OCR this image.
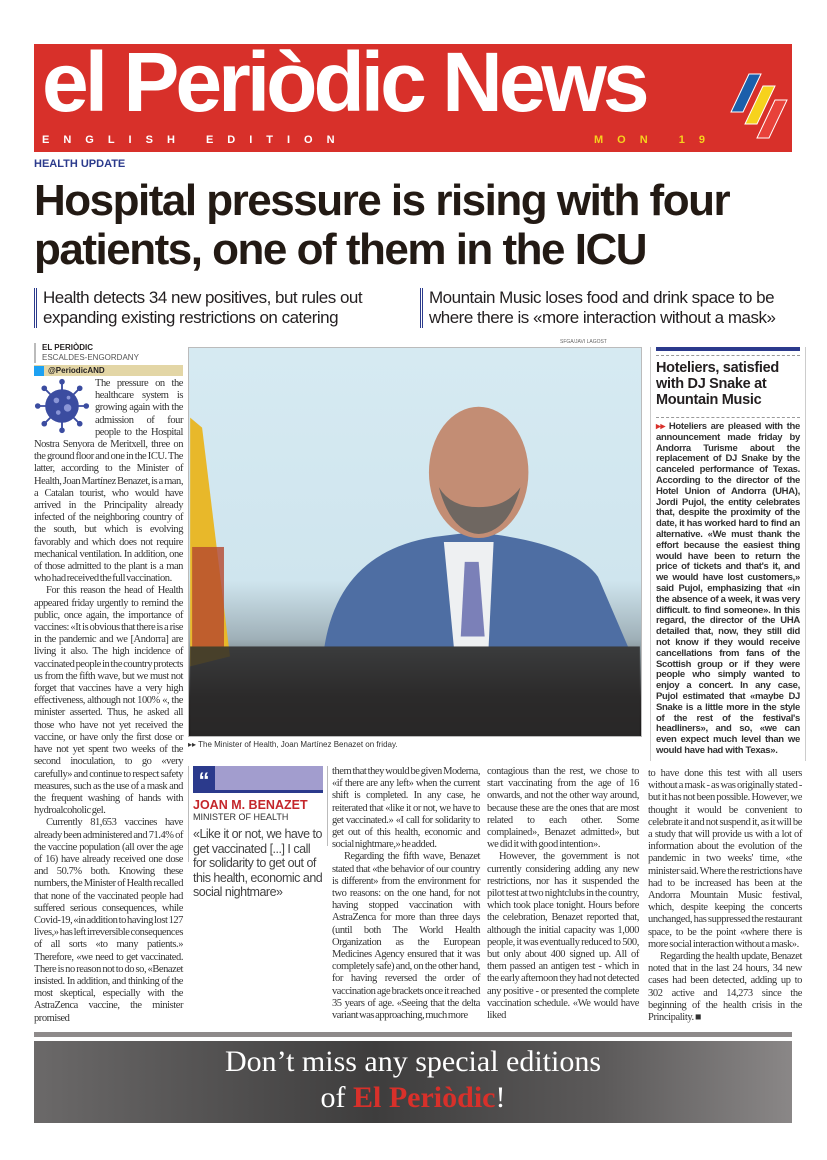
el Periòdic News
ENGLISH EDITION	MON 19
HEALTH UPDATE
Hospital pressure is rising with four patients, one of them in the ICU
Health detects 34 new positives, but rules out expanding existing restrictions on catering
Mountain Music loses food and drink space to be where there is «more interaction without a mask»
EL PERIÒDIC
ESCALDES-ENGORDANY
@PeriodicAND

The pressure on the healthcare system is growing again with the admission of four people to the Hospital Nostra Senyora de Meritxell, three on the ground floor and one in the ICU. The latter, according to the Minister of Health, Joan Martínez Benazet, is a man, a Catalan tourist, who would have arrived in the Principality already infected of the neighboring country of the south, but which is evolving favorably and which does not require mechanical ventilation. In addition, one of those admitted to the plant is a man who had received the full vaccination.

For this reason the head of Health appeared friday urgently to remind the public, once again, the importance of vaccines: «It is obvious that there is a rise in the pandemic and we [Andorra] are living it also. The high incidence of vaccinated people in the country protects us from the fifth wave, but we must not forget that vaccines have a very high effectiveness, although not 100% «, the minister asserted. Thus, he asked all those who have not yet received the vaccine, or have only the first dose or have not yet spent two weeks of the second inoculation, to go «very carefully» and continue to respect safety measures, such as the use of a mask and the frequent washing of hands with hydroalcoholic gel.

Currently 81,653 vaccines have already been administered and 71.4% of the vaccine population (all over the age of 16) have already received one dose and 50.7% both. Knowing these numbers, the Minister of Health recalled that none of the vaccinated people had suffered serious consequences, while Covid-19, «in addition to having lost 127 lives,» has left irreversible consequences of all sorts «to many patients.» Therefore, «we need to get vaccinated. There is no reason not to do so, «Benazet insisted. In addition, and thinking of the most skeptical, especially with the AstraZenca vaccine, the minister promised

SFGA/JAVI LAGOST
▸▸ The Minister of Health, Joan Martínez Benazet on friday.
“
JOAN M. BENAZET
MINISTER OF HEALTH
«Like it or not, we have to get vaccinated [...] I call for solidarity to get out of this health, economic and social nightmare»

them that they would be given Moderna, «if there are any left» when the current shift is completed. In any case, he reiterated that «like it or not, we have to get vaccinated.» «I call for solidarity to get out of this health, economic and social nightmare,» he added.

Regarding the fifth wave, Benazet stated that «the behavior of our country is different» from the environment for two reasons: on the one hand, for not having stopped vaccination with AstraZenca for more than three days (until both The World Health Organization as the European Medicines Agency ensured that it was completely safe) and, on the other hand, for having reversed the order of vaccination age brackets once it reached 35 years of age. «Seeing that the delta variant was approaching, much more

contagious than the rest, we chose to start vaccinating from the age of 16 onwards, and not the other way around, because these are the ones that are most related to each other. Some complained», Benazet admitted», but we did it with good intention».

However, the government is not currently considering adding any new restrictions, nor has it suspended the pilot test at two nightclubs in the country, which took place tonight. Hours before the celebration, Benazet reported that, although the initial capacity was 1,000 people, it was eventually reduced to 500, but only about 400 signed up. All of them passed an antigen test - which in the early afternoon they had not detected any positive - or presented the complete vaccination schedule. «We would have liked

to have done this test with all users without a mask - as was originally stated - but it has not been possible. However, we thought it would be convenient to celebrate it and not suspend it, as it will be a study that will provide us with a lot of information about the evolution of the pandemic in two weeks' time, «the minister said. Where the restrictions have had to be increased has been at the Andorra Mountain Music festival, which, despite keeping the concerts unchanged, has suppressed the restaurant space, to be the point «where there is more social interaction without a mask».

Regarding the health update, Benazet noted that in the last 24 hours, 34 new cases had been detected, adding up to 302 active and 14,273 since the beginning of the health crisis in the Principality. ■

Hoteliers, satisfied with DJ Snake at Mountain Music
▸▸ Hoteliers are pleased with the announcement made friday by Andorra Turisme about the replacement of DJ Snake by the canceled performance of Texas. According to the director of the Hotel Union of Andorra (UHA), Jordi Pujol, the entity celebrates that, despite the proximity of the date, it has worked hard to find an alternative. «We must thank the effort because the easiest thing would have been to return the price of tickets and that's it, and we would have lost customers,» said Pujol, emphasizing that «in the absence of a week, it was very difficult. to find someone». In this regard, the director of the UHA detailed that, now, they still did not know if they would receive cancellations from fans of the Scottish group or if they were people who simply wanted to enjoy a concert. In any case, Pujol estimated that «maybe DJ Snake is a little more in the style of the rest of the festival's headliners», and so, «we can even expect much level than we would have had with Texas».
Don’t miss any special editions
of El Periòdic!
